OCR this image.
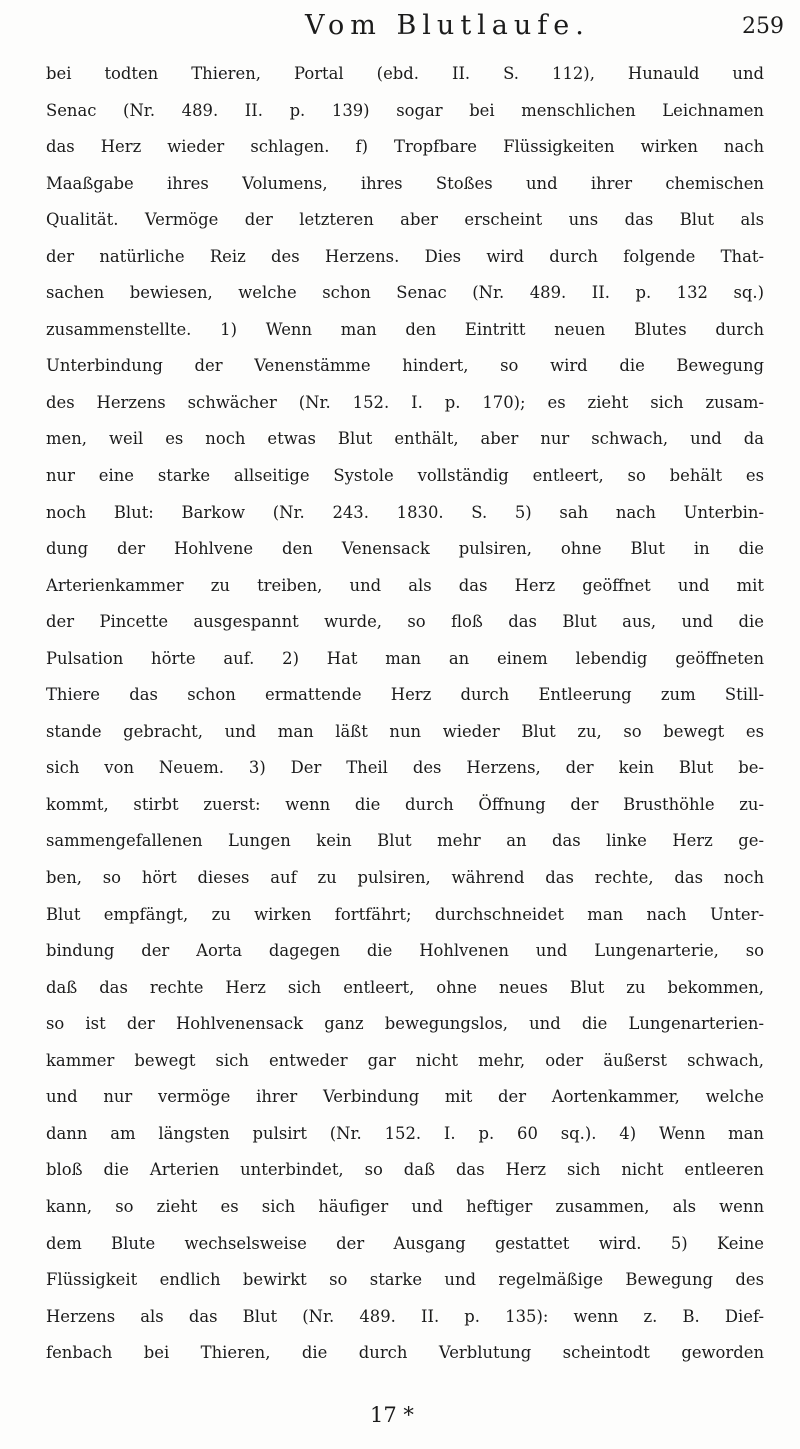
Vom Blutlaufe.	259
bei todten Thieren, Portal (ebd. II. S. 112), Hunauld und
Senac (Nr. 489. II. p. 139) sogar bei menschlichen Leichnamen
das Herz wieder schlagen. f) Tropfbare Flüssigkeiten wirken nach
Maaßgabe ihres Volumens, ihres Stoßes und ihrer chemischen
Qualität. Vermöge der letzteren aber erscheint uns das Blut als
der natürliche Reiz des Herzens. Dies wird durch folgende That-
sachen bewiesen, welche schon Senac (Nr. 489. II. p. 132 sq.)
zusammenstellte. 1) Wenn man den Eintritt neuen Blutes durch
Unterbindung der Venenstämme hindert, so wird die Bewegung
des Herzens schwächer (Nr. 152. I. p. 170); es zieht sich zusam-
men, weil es noch etwas Blut enthält, aber nur schwach, und da
nur eine starke allseitige Systole vollständig entleert, so behält es
noch Blut: Barkow (Nr. 243. 1830. S. 5) sah nach Unterbin-
dung der Hohlvene den Venensack pulsiren, ohne Blut in die
Arterienkammer zu treiben, und als das Herz geöffnet und mit
der Pincette ausgespannt wurde, so floß das Blut aus, und die
Pulsation hörte auf. 2) Hat man an einem lebendig geöffneten
Thiere das schon ermattende Herz durch Entleerung zum Still-
stande gebracht, und man läßt nun wieder Blut zu, so bewegt es
sich von Neuem. 3) Der Theil des Herzens, der kein Blut be-
kommt, stirbt zuerst: wenn die durch Öffnung der Brusthöhle zu-
sammengefallenen Lungen kein Blut mehr an das linke Herz ge-
ben, so hört dieses auf zu pulsiren, während das rechte, das noch
Blut empfängt, zu wirken fortfährt; durchschneidet man nach Unter-
bindung der Aorta dagegen die Hohlvenen und Lungenarterie, so
daß das rechte Herz sich entleert, ohne neues Blut zu bekommen,
so ist der Hohlvenensack ganz bewegungslos, und die Lungenarterien-
kammer bewegt sich entweder gar nicht mehr, oder äußerst schwach,
und nur vermöge ihrer Verbindung mit der Aortenkammer, welche
dann am längsten pulsirt (Nr. 152. I. p. 60 sq.). 4) Wenn man
bloß die Arterien unterbindet, so daß das Herz sich nicht entleeren
kann, so zieht es sich häufiger und heftiger zusammen, als wenn
dem Blute wechselsweise der Ausgang gestattet wird. 5) Keine
Flüssigkeit endlich bewirkt so starke und regelmäßige Bewegung des
Herzens als das Blut (Nr. 489. II. p. 135): wenn z. B. Dief-
fenbach bei Thieren, die durch Verblutung scheintodt geworden
17 *
